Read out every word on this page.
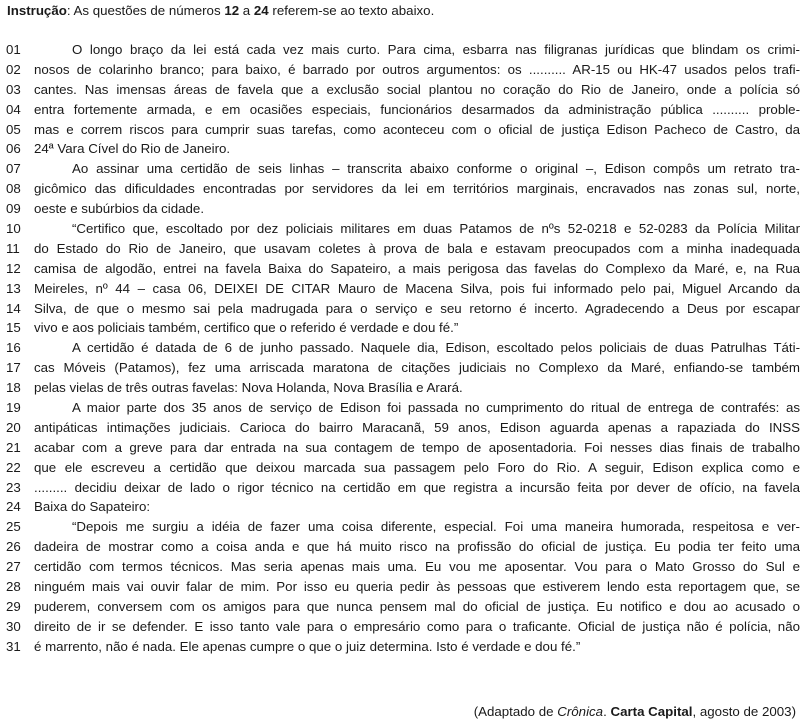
Instrução: As questões de números 12 a 24 referem-se ao texto abaixo.
01	O longo braço da lei está cada vez mais curto. Para cima, esbarra nas filigranas jurídicas que blindam os crimi-
02 nosos de colarinho branco; para baixo, é barrado por outros argumentos: os .......... AR-15 ou HK-47 usados pelos trafi-
03 cantes. Nas imensas áreas de favela que a exclusão social plantou no coração do Rio de Janeiro, onde a polícia só
04 entra fortemente armada, e em ocasiões especiais, funcionários desarmados da administração pública .......... proble-
05 mas e correm riscos para cumprir suas tarefas, como aconteceu com o oficial de justiça Edison Pacheco de Castro, da
06 24ª Vara Cível do Rio de Janeiro.
07	Ao assinar uma certidão de seis linhas – transcrita abaixo conforme o original –, Edison compôs um retrato tra-
08 gicômico das dificuldades encontradas por servidores da lei em territórios marginais, encravados nas zonas sul, norte,
09 oeste e subúrbios da cidade.
10	“Certifico que, escoltado por dez policiais militares em duas Patamos de nºs 52-0218 e 52-0283 da Polícia Militar
11	do Estado do Rio de Janeiro, que usavam coletes à prova de bala e estavam preocupados com a minha inadequada
12 camisa de algodão, entrei na favela Baixa do Sapateiro, a mais perigosa das favelas do Complexo da Maré, e, na Rua
13 Meireles, nº 44 – casa 06, DEIXEI DE CITAR Mauro de Macena Silva, pois fui informado pelo pai, Miguel Arcando da
14 Silva, de que o mesmo sai pela madrugada para o serviço e seu retorno é incerto. Agradecendo a Deus por escapar
15 vivo e aos policiais também, certifico que o referido é verdade e dou fé.”
16	A certidão é datada de 6 de junho passado. Naquele dia, Edison, escoltado pelos policiais de duas Patrulhas Táti-
17 cas Móveis (Patamos), fez uma arriscada maratona de citações judiciais no Complexo da Maré, enfiando-se também
18 pelas vielas de três outras favelas: Nova Holanda, Nova Brasília e Arará.
19	A maior parte dos 35 anos de serviço de Edison foi passada no cumprimento do ritual de entrega de contrafés: as
20 antipáticas intimações judiciais. Carioca do bairro Maracanã, 59 anos, Edison aguarda apenas a rapaziada do INSS
21 acabar com a greve para dar entrada na sua contagem de tempo de aposentadoria. Foi nesses dias finais de trabalho
22 que ele escreveu a certidão que deixou marcada sua passagem pelo Foro do Rio. A seguir, Edison explica como e
23 ......... decidiu deixar de lado o rigor técnico na certidão em que registra a incursão feita por dever de ofício, na favela
24 Baixa do Sapateiro:
25	“Depois me surgiu a idéia de fazer uma coisa diferente, especial. Foi uma maneira humorada, respeitosa e ver-
26 dadeira de mostrar como a coisa anda e que há muito risco na profissão do oficial de justiça. Eu podia ter feito uma
27 certidão com termos técnicos. Mas seria apenas mais uma. Eu vou me aposentar. Vou para o Mato Grosso do Sul e
28 ninguém mais vai ouvir falar de mim. Por isso eu queria pedir às pessoas que estiverem lendo esta reportagem que, se
29 puderem, conversem com os amigos para que nunca pensem mal do oficial de justiça. Eu notifico e dou ao acusado o
30 direito de ir se defender. E isso tanto vale para o empresário como para o traficante. Oficial de justiça não é polícia, não
31 é marrento, não é nada. Ele apenas cumpre o que o juiz determina. Isto é verdade e dou fé.”
(Adaptado de Crônica. Carta Capital, agosto de 2003)
